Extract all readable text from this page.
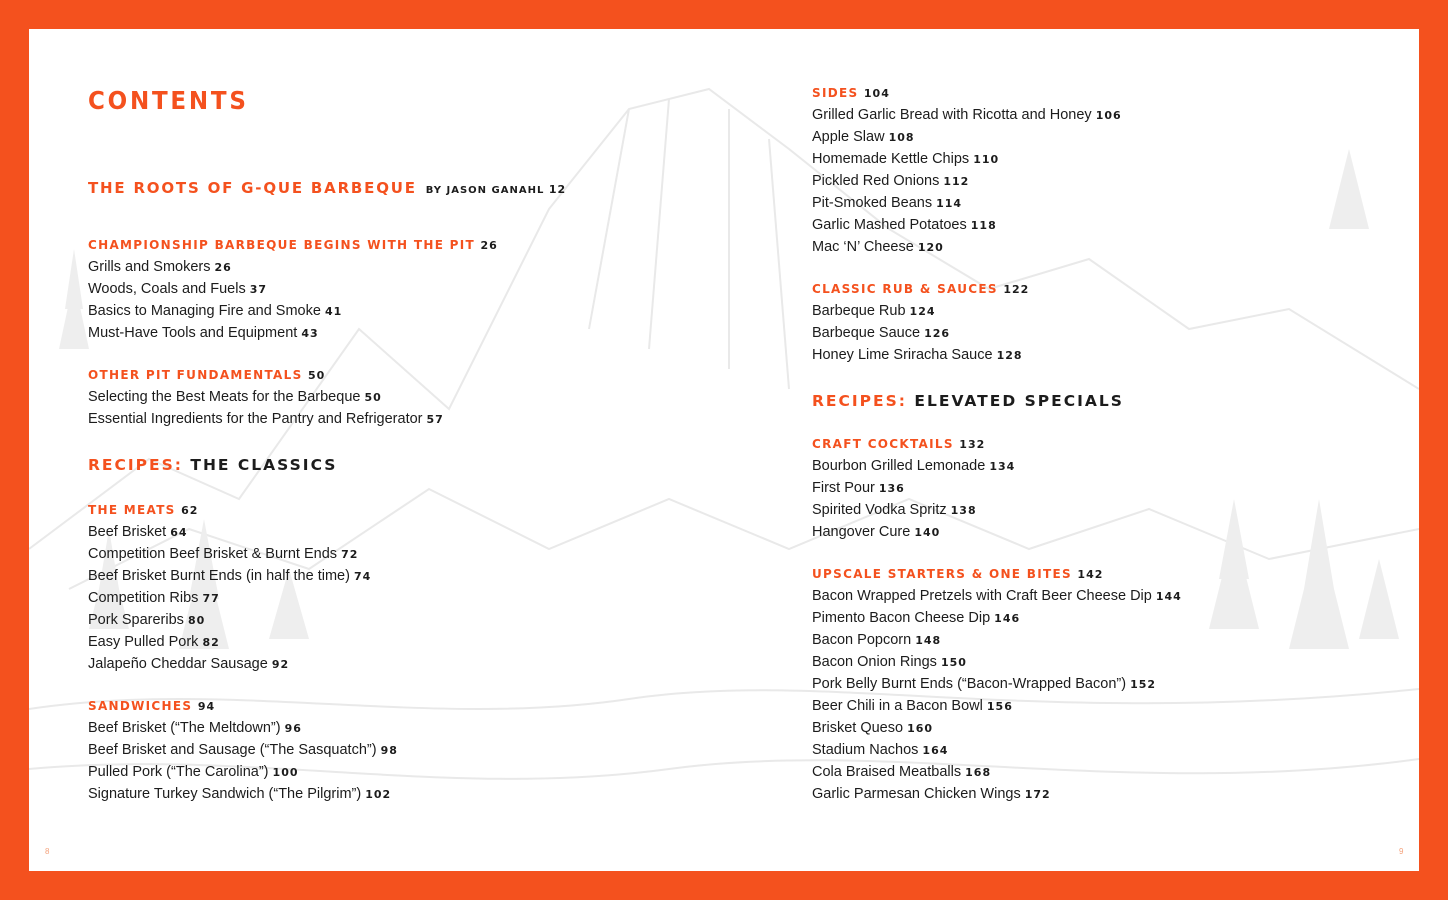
CONTENTS
THE ROOTS OF G-QUE BARBEQUE BY JASON GANAHL 12
CHAMPIONSHIP BARBEQUE BEGINS WITH THE PIT 26
Grills and Smokers 26
Woods, Coals and Fuels 37
Basics to Managing Fire and Smoke 41
Must-Have Tools and Equipment 43
OTHER PIT FUNDAMENTALS 50
Selecting the Best Meats for the Barbeque 50
Essential Ingredients for the Pantry and Refrigerator 57
RECIPES: THE CLASSICS
THE MEATS 62
Beef Brisket 64
Competition Beef Brisket & Burnt Ends 72
Beef Brisket Burnt Ends (in half the time) 74
Competition Ribs 77
Pork Spareribs 80
Easy Pulled Pork 82
Jalapeño Cheddar Sausage 92
SANDWICHES 94
Beef Brisket (“The Meltdown”) 96
Beef Brisket and Sausage (“The Sasquatch”) 98
Pulled Pork (“The Carolina”) 100
Signature Turkey Sandwich (“The Pilgrim”) 102
SIDES 104
Grilled Garlic Bread with Ricotta and Honey 106
Apple Slaw 108
Homemade Kettle Chips 110
Pickled Red Onions 112
Pit-Smoked Beans 114
Garlic Mashed Potatoes 118
Mac ‘N’ Cheese 120
CLASSIC RUB & SAUCES 122
Barbeque Rub 124
Barbeque Sauce 126
Honey Lime Sriracha Sauce 128
RECIPES: ELEVATED SPECIALS
CRAFT COCKTAILS 132
Bourbon Grilled Lemonade 134
First Pour 136
Spirited Vodka Spritz 138
Hangover Cure 140
UPSCALE STARTERS & ONE BITES 142
Bacon Wrapped Pretzels with Craft Beer Cheese Dip 144
Pimento Bacon Cheese Dip 146
Bacon Popcorn 148
Bacon Onion Rings 150
Pork Belly Burnt Ends (“Bacon-Wrapped Bacon”) 152
Beer Chili in a Bacon Bowl 156
Brisket Queso 160
Stadium Nachos 164
Cola Braised Meatballs 168
Garlic Parmesan Chicken Wings 172
8	9
